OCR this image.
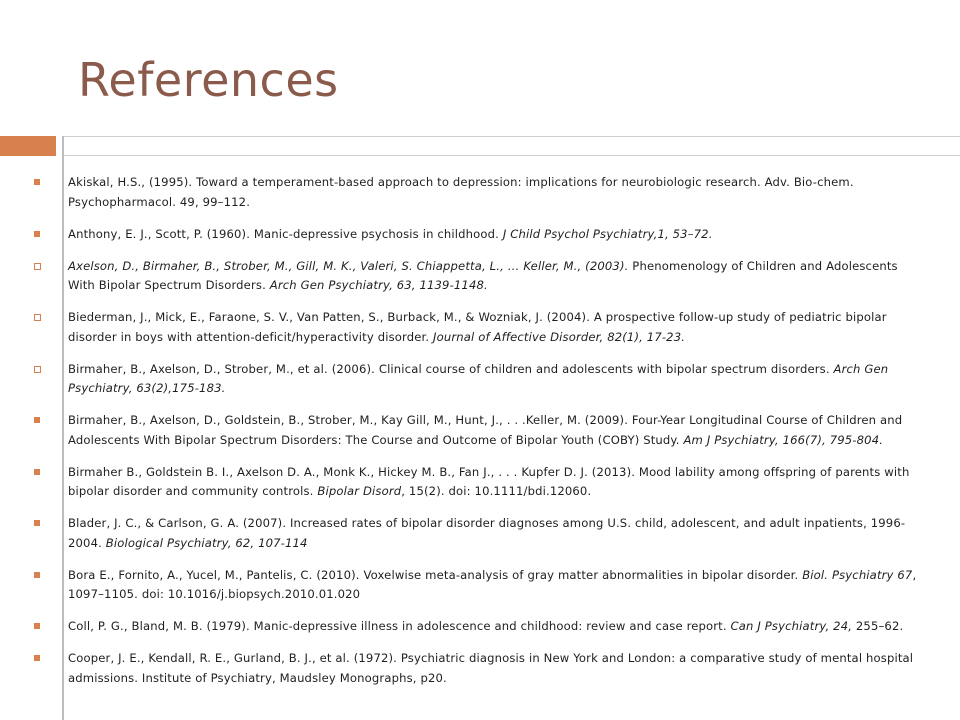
References
Akiskal, H.S., (1995). Toward a temperament-based approach to depression: implications for neurobiologic research. Adv. Bio-chem. Psychopharmacol. 49, 99–112.
Anthony, E. J., Scott, P. (1960). Manic-depressive psychosis in childhood. J Child Psychol Psychiatry,1, 53–72.
Axelson, D., Birmaher, B., Strober, M., Gill, M. K., Valeri, S. Chiappetta, L., … Keller, M., (2003). Phenomenology of Children and Adolescents With Bipolar Spectrum Disorders. Arch Gen Psychiatry, 63, 1139-1148.
Biederman, J., Mick, E., Faraone, S. V., Van Patten, S., Burback, M., & Wozniak, J. (2004). A prospective follow-up study of pediatric bipolar disorder in boys with attention-deficit/hyperactivity disorder. Journal of Affective Disorder, 82(1), 17-23.
Birmaher, B., Axelson, D., Strober, M., et al. (2006). Clinical course of children and adolescents with bipolar spectrum disorders. Arch Gen Psychiatry, 63(2),175-183.
Birmaher, B., Axelson, D., Goldstein, B., Strober, M., Kay Gill, M., Hunt, J., . . .Keller, M. (2009). Four-Year Longitudinal Course of Children and Adolescents With Bipolar Spectrum Disorders: The Course and Outcome of Bipolar Youth (COBY) Study. Am J Psychiatry, 166(7), 795-804.
Birmaher B., Goldstein B. I., Axelson D. A., Monk K., Hickey M. B., Fan J., . . . Kupfer D. J. (2013). Mood lability among offspring of parents with bipolar disorder and community controls. Bipolar Disord, 15(2). doi: 10.1111/bdi.12060.
Blader, J. C., & Carlson, G. A. (2007). Increased rates of bipolar disorder diagnoses among U.S. child, adolescent, and adult inpatients, 1996-2004. Biological Psychiatry, 62, 107-114
Bora E., Fornito, A., Yucel, M., Pantelis, C. (2010). Voxelwise meta-analysis of gray matter abnormalities in bipolar disorder. Biol. Psychiatry 67, 1097–1105. doi: 10.1016/j.biopsych.2010.01.020
Coll, P. G., Bland, M. B. (1979). Manic-depressive illness in adolescence and childhood: review and case report. Can J Psychiatry, 24, 255–62.
Cooper, J. E., Kendall, R. E., Gurland, B. J., et al. (1972). Psychiatric diagnosis in New York and London: a comparative study of mental hospital admissions. Institute of Psychiatry, Maudsley Monographs, p20.
